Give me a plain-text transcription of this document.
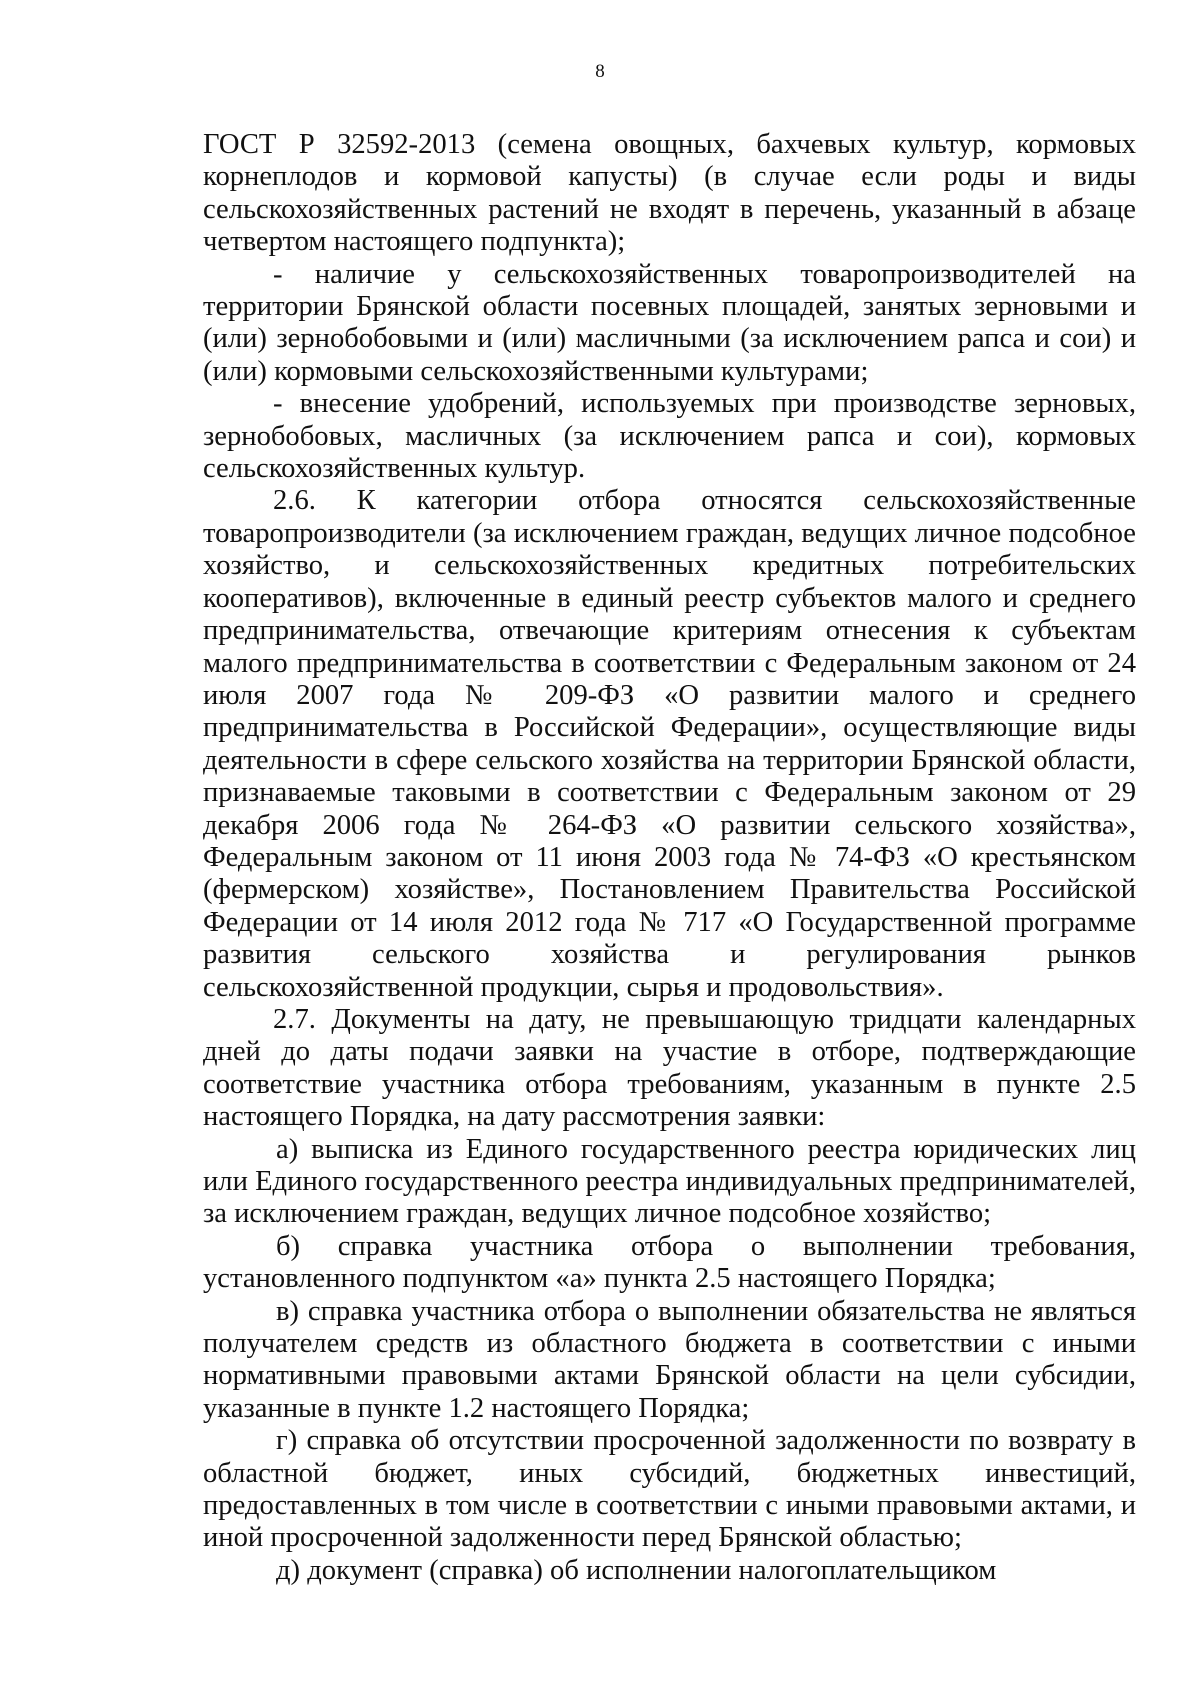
8

ГОСТ Р 32592-2013 (семена овощных, бахчевых культур, кормовых корнеплодов и кормовой капусты) (в случае если роды и виды сельскохозяйственных растений не входят в перечень, указанный в абзаце четвертом настоящего подпункта);

- наличие у сельскохозяйственных товаропроизводителей на территории Брянской области посевных площадей, занятых зерновыми и (или) зернобобовыми и (или) масличными (за исключением рапса и сои) и (или) кормовыми сельскохозяйственными культурами;

- внесение удобрений, используемых при производстве зерновых, зернобобовых, масличных (за исключением рапса и сои), кормовых сельскохозяйственных культур.

2.6. К категории отбора относятся сельскохозяйственные товаропроизводители (за исключением граждан, ведущих личное подсобное хозяйство, и сельскохозяйственных кредитных потребительских кооперативов), включенные в единый реестр субъектов малого и среднего предпринимательства, отвечающие критериям отнесения к субъектам малого предпринимательства в соответствии с Федеральным законом от 24 июля 2007 года № 209-ФЗ «О развитии малого и среднего предпринимательства в Российской Федерации», осуществляющие виды деятельности в сфере сельского хозяйства на территории Брянской области, признаваемые таковыми в соответствии с Федеральным законом от 29 декабря 2006 года № 264-ФЗ «О развитии сельского хозяйства», Федеральным законом от 11 июня 2003 года № 74-ФЗ «О крестьянском (фермерском) хозяйстве», Постановлением Правительства Российской Федерации от 14 июля 2012 года № 717 «О Государственной программе развития сельского хозяйства и регулирования рынков сельскохозяйственной продукции, сырья и продовольствия».

2.7. Документы на дату, не превышающую тридцати календарных дней до даты подачи заявки на участие в отборе, подтверждающие соответствие участника отбора требованиям, указанным в пункте 2.5 настоящего Порядка, на дату рассмотрения заявки:

а) выписка из Единого государственного реестра юридических лиц или Единого государственного реестра индивидуальных предпринимателей, за исключением граждан, ведущих личное подсобное хозяйство;

б) справка участника отбора о выполнении требования, установленного подпунктом «а» пункта 2.5 настоящего Порядка;

в) справка участника отбора о выполнении обязательства не являться получателем средств из областного бюджета в соответствии с иными нормативными правовыми актами Брянской области на цели субсидии, указанные в пункте 1.2 настоящего Порядка;

г) справка об отсутствии просроченной задолженности по возврату в областной бюджет, иных субсидий, бюджетных инвестиций, предоставленных в том числе в соответствии с иными правовыми актами, и иной просроченной задолженности перед Брянской областью;

д) документ (справка) об исполнении налогоплательщиком
